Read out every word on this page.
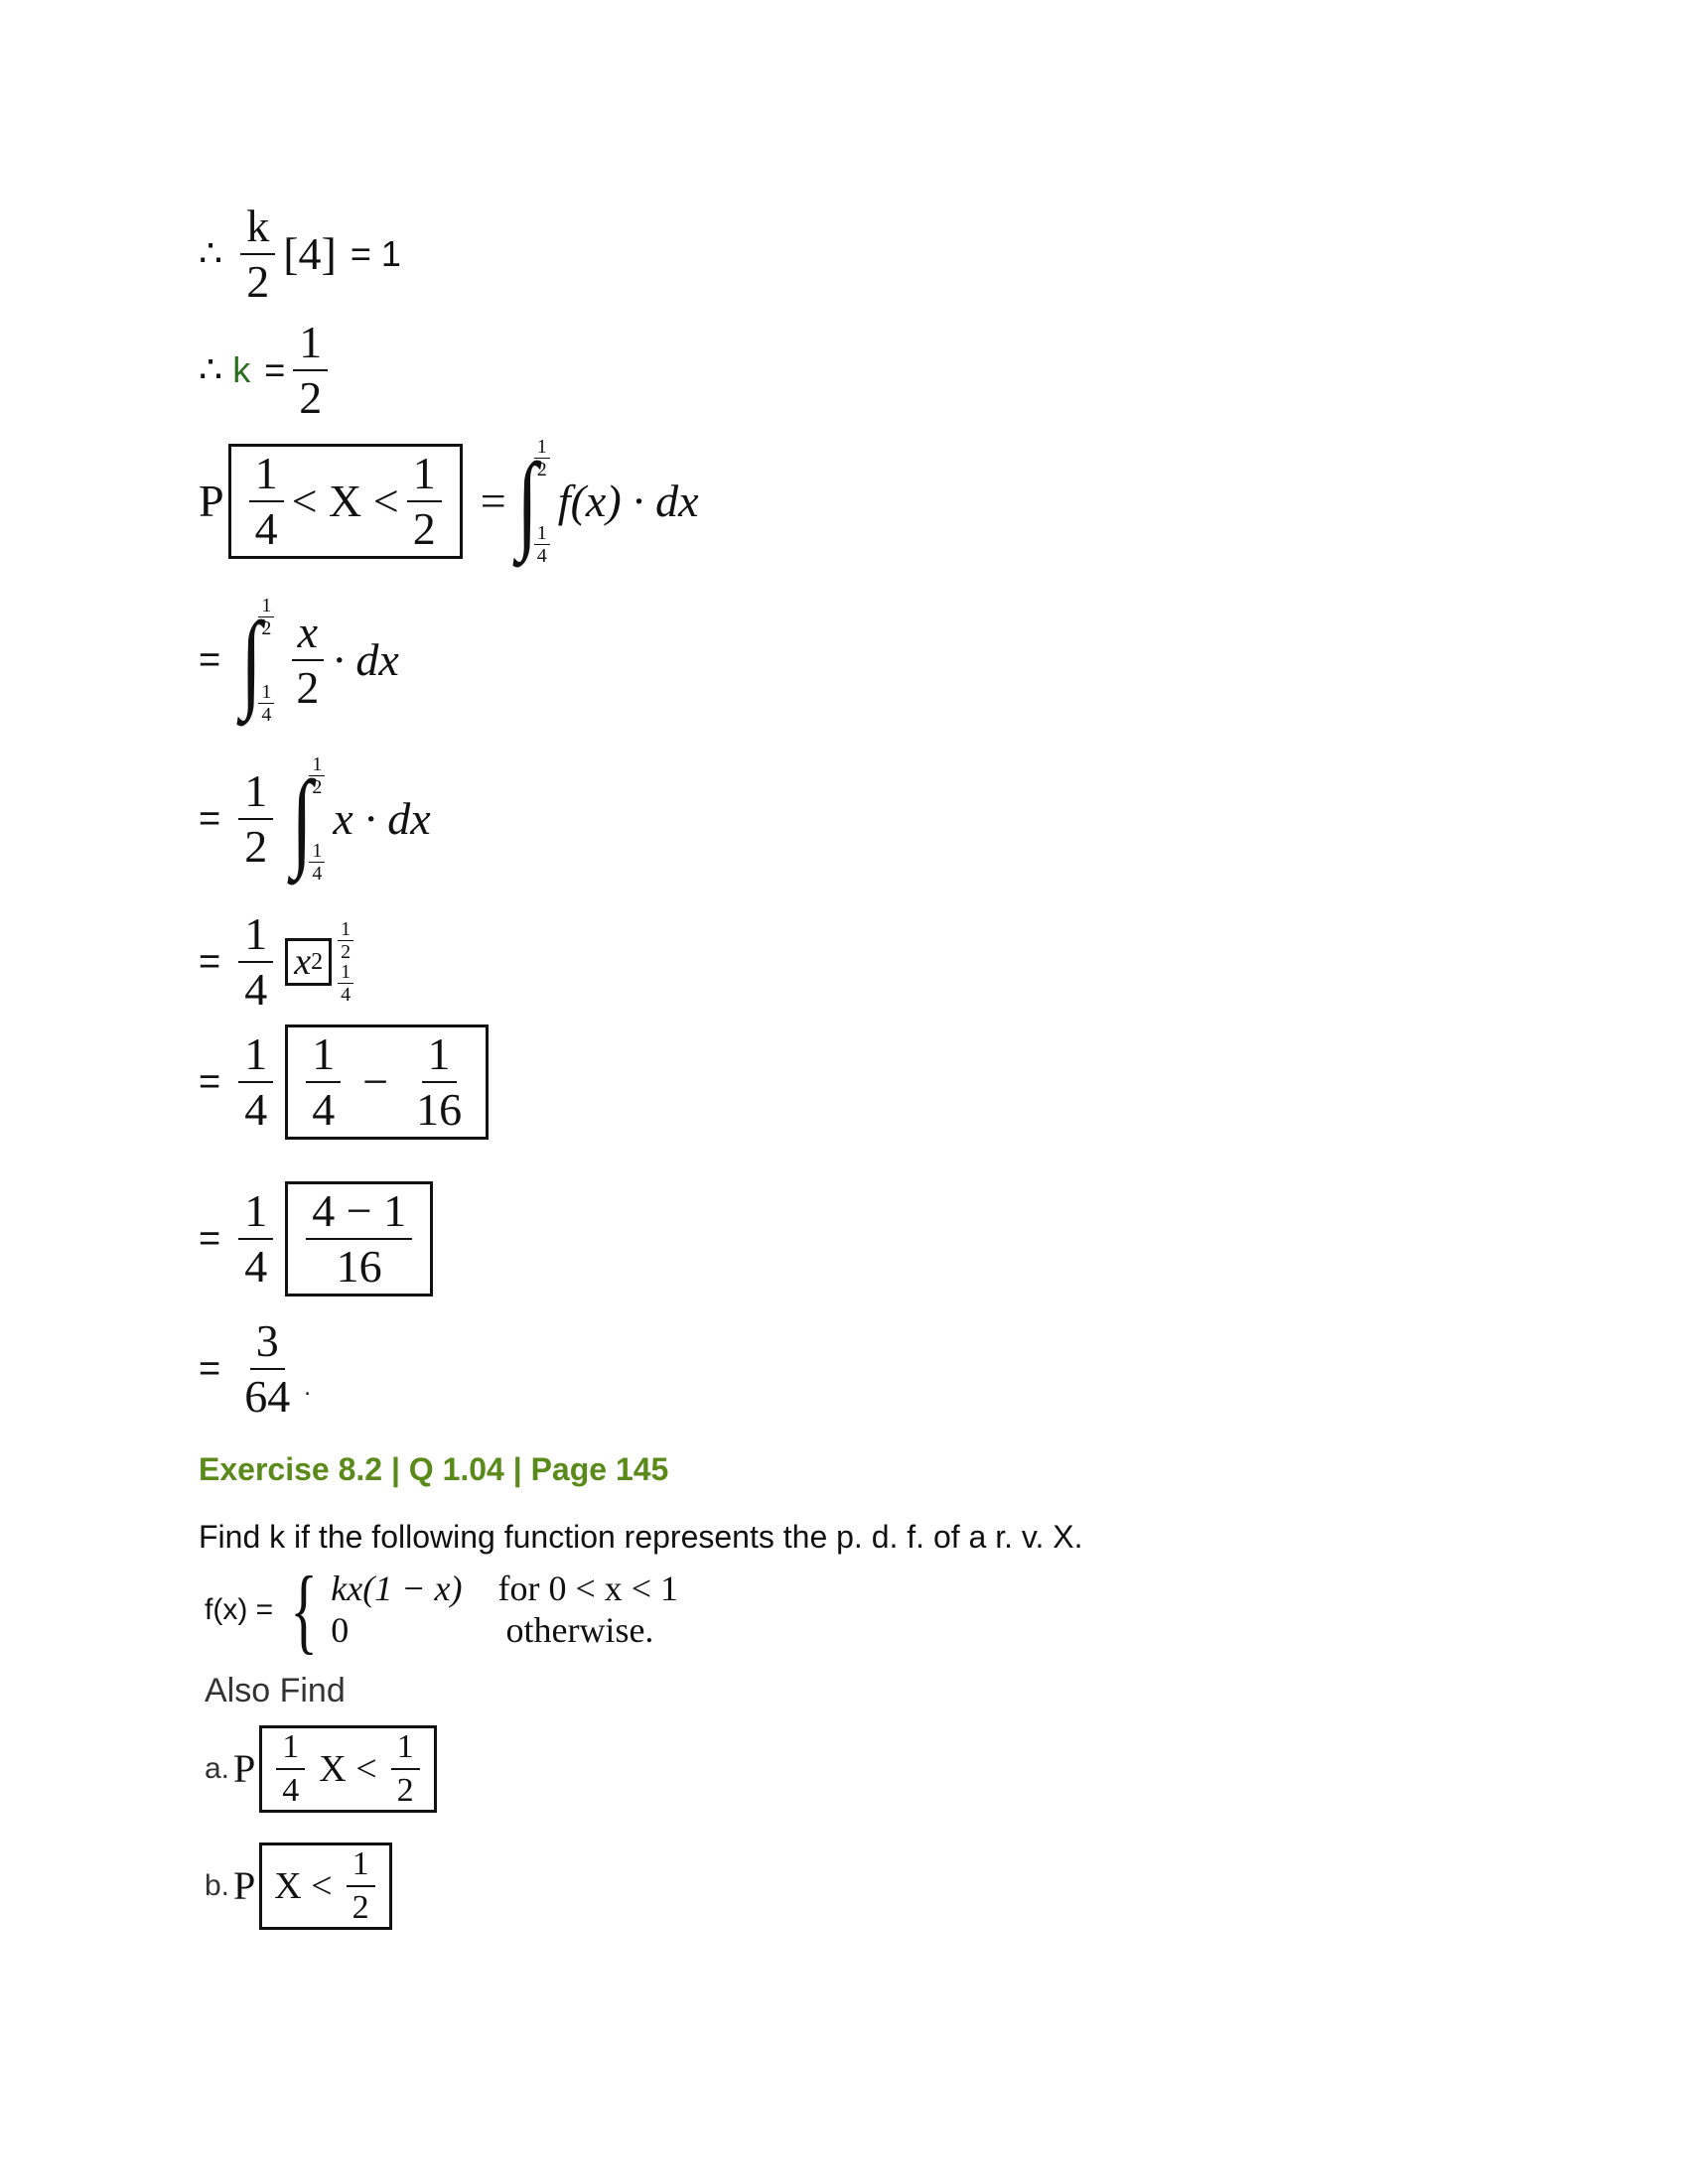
∴ $\frac{k}{2} [4] = 1$
∴ $k = \frac{1}{2}$
P $\frac{1}{4} < X < \frac{1}{2}$ = ∫
$\frac{1}{2}$
$\frac{1}{4}$
f(x) · dx
= ∫
$\frac{1}{2}$
$\frac{1}{4} \frac{x}{2}$ · dx
= $\frac{1}{2}$ ∫
$\frac{1}{2}$
$\frac{1}{4}$
x · dx
= $\frac{1}{4}$ x $2 \frac{1}{2}$
$\frac{1}{4}$
= $\frac{1}{4} \frac{1}{4} - \frac{1}{16}$
= $\frac{1}{4} \frac{4 - 1}{16}$
= $\frac{3}{64}$ .
Exercise 8.2 | Q 1.04 | Page 145
Find k if the following function represents the p. d. f. of a r. v. X.
f(x) = { kx(1 − x)	for 0 < x < 1
0	otherwise.
Also Find
a. P $\frac{1}{4}$ $X < \frac{1}{2}$
b. P $X < \frac{1}{2}$
